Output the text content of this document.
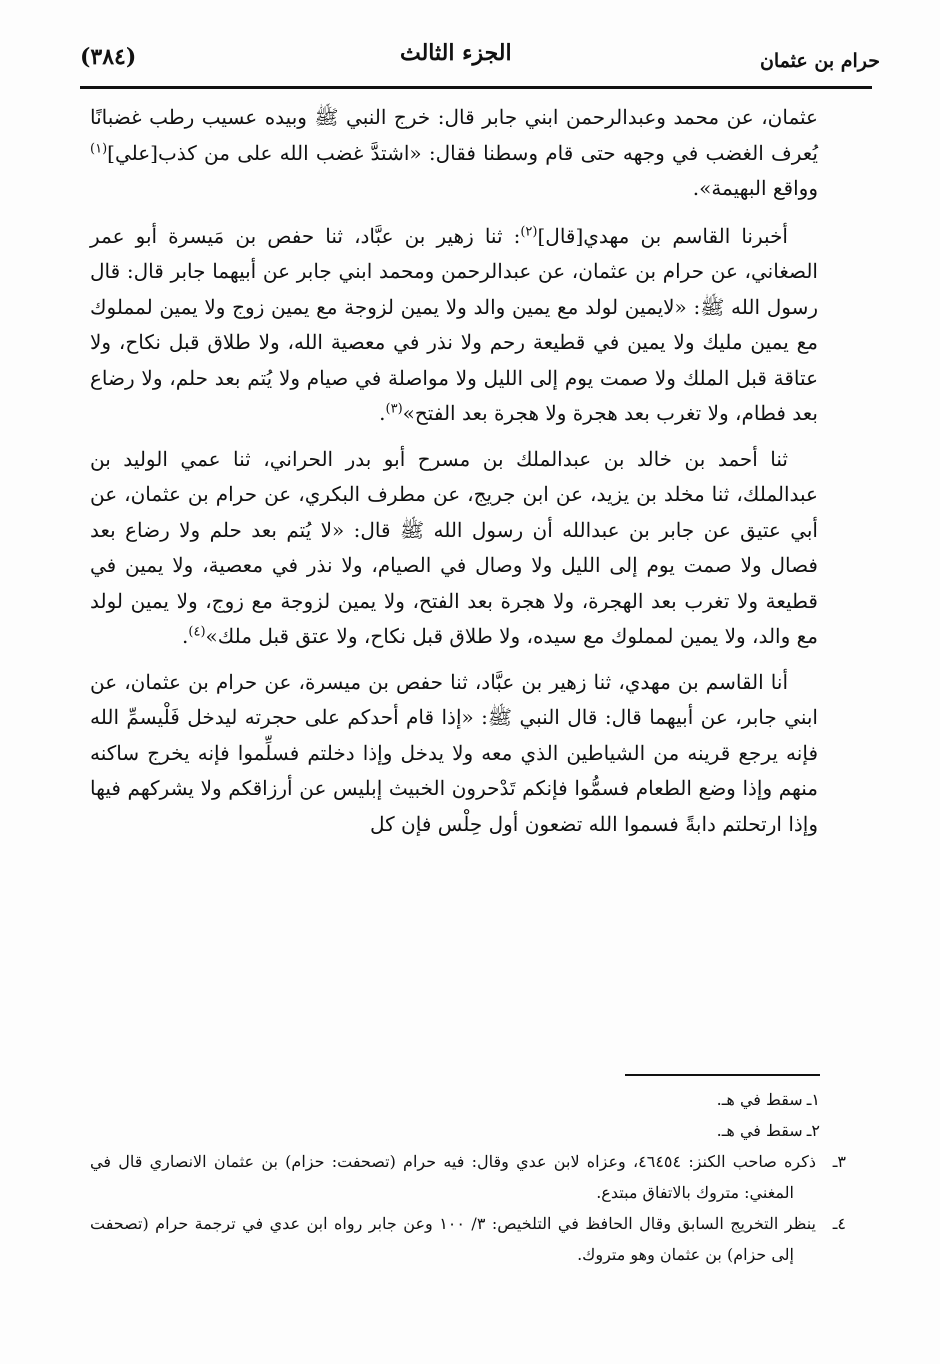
(٣٨٤)	الجزء الثالث	حرام بن عثمان

عثمان، عن محمد وعبدالرحمن ابني جابر قال: خرج النبي ﷺ وبيده عسيب رطب غضبانًا يُعرف الغضب في وجهه حتى قام وسطنا فقال: «اشتدَّ غضب الله على من كذب[علي]$^{(١)}$ وواقع البهيمة».

أخبرنا القاسم بن مهدي[قال]$^{(٢)}$: ثنا زهير بن عبَّاد، ثنا حفص بن مَيسرة أبو عمر الصغاني، عن حرام بن عثمان، عن عبدالرحمن ومحمد ابني جابر عن أبيهما جابر قال: قال رسول الله ﷺ: «لايمين لولد مع يمين والد ولا يمين لزوجة مع يمين زوج ولا يمين لمملوك مع يمين مليك ولا يمين في قطيعة رحم ولا نذر في معصية الله، ولا طلاق قبل نكاح، ولا عتاقة قبل الملك ولا صمت يوم إلى الليل ولا مواصلة في صيام ولا يُتم بعد حلم، ولا رضاع بعد فطام، ولا تغرب بعد هجرة ولا هجرة بعد الفتح»$^{(٣)}$.

ثنا أحمد بن خالد بن عبدالملك بن مسرح أبو بدر الحراني، ثنا عمي الوليد بن عبدالملك، ثنا مخلد بن يزيد، عن ابن جريج، عن مطرف البكري، عن حرام بن عثمان، عن أبي عتيق عن جابر بن عبدالله أن رسول الله ﷺ قال: «لا يُتم بعد حلم ولا رضاع بعد فصال ولا صمت يوم إلى الليل ولا وصال في الصيام، ولا نذر في معصية، ولا يمين في قطيعة ولا تغرب بعد الهجرة، ولا هجرة بعد الفتح، ولا يمين لزوجة مع زوج، ولا يمين لولد مع والد، ولا يمين لمملوك مع سيده، ولا طلاق قبل نكاح، ولا عتق قبل ملك»$^{(٤)}$.

أنا القاسم بن مهدي، ثنا زهير بن عبَّاد، ثنا حفص بن ميسرة، عن حرام بن عثمان، عن ابني جابر، عن أبيهما قال: قال النبي ﷺ: «إذا قام أحدكم على حجرته ليدخل فَلْيسمِّ الله فإنه يرجع قرينه من الشياطين الذي معه ولا يدخل وإذا دخلتم فسلِّموا فإنه يخرج ساكنه منهم وإذا وضع الطعام فسمُّوا فإنكم تَدْحرون الخبيث إبليس عن أرزاقكم ولا يشركهم فيها وإذا ارتحلتم دابةً فسموا الله تضعون أول حِلْس فإن كل

١ـسقط في هـ.

٢ـسقط في هـ.

٣ـذكره صاحب الكنز: ٤٦٤٥٤، وعزاه لابن عدي وقال: فيه حرام (تصحفت: حزام) بن عثمان الانصاري قال في المغني: متروك بالاتفاق مبتدع.

٤ـينظر التخريج السابق وقال الحافظ في التلخيص: ٣/ ١٠٠ وعن جابر رواه ابن عدي في ترجمة حرام (تصحفت إلى حزام) بن عثمان وهو متروك.
